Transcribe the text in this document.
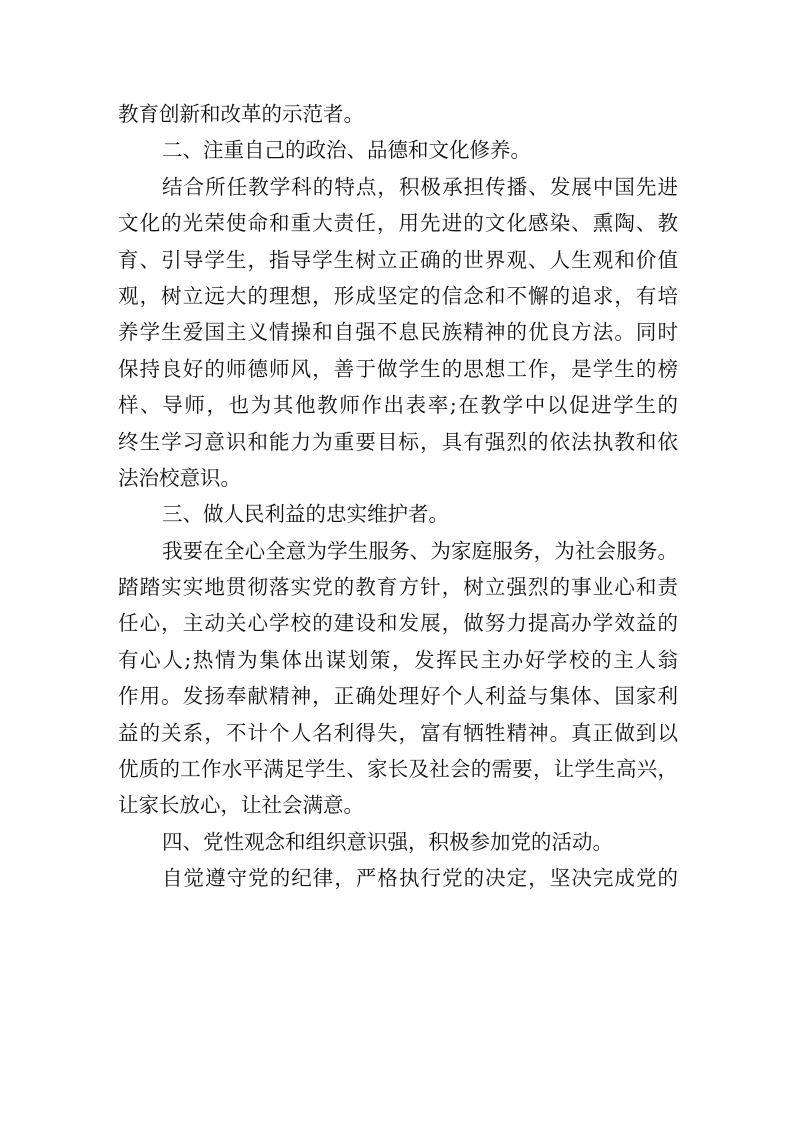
教育创新和改革的示范者。
二、注重自己的政治、品德和文化修养。
结合所任教学科的特点，积极承担传播、发展中国先进
文化的光荣使命和重大责任，用先进的文化感染、熏陶、教
育、引导学生，指导学生树立正确的世界观、人生观和价值
观，树立远大的理想，形成坚定的信念和不懈的追求，有培
养学生爱国主义情操和自强不息民族精神的优良方法。同时
保持良好的师德师风，善于做学生的思想工作，是学生的榜
样、导师，也为其他教师作出表率;在教学中以促进学生的
终生学习意识和能力为重要目标，具有强烈的依法执教和依
法治校意识。
三、做人民利益的忠实维护者。
我要在全心全意为学生服务、为家庭服务，为社会服务。
踏踏实实地贯彻落实党的教育方针，树立强烈的事业心和责
任心，主动关心学校的建设和发展，做努力提高办学效益的
有心人;热情为集体出谋划策，发挥民主办好学校的主人翁
作用。发扬奉献精神，正确处理好个人利益与集体、国家利
益的关系，不计个人名利得失，富有牺牲精神。真正做到以
优质的工作水平满足学生、家长及社会的需要，让学生高兴，
让家长放心，让社会满意。
四、党性观念和组织意识强，积极参加党的活动。
自觉遵守党的纪律，严格执行党的决定，坚决完成党的
